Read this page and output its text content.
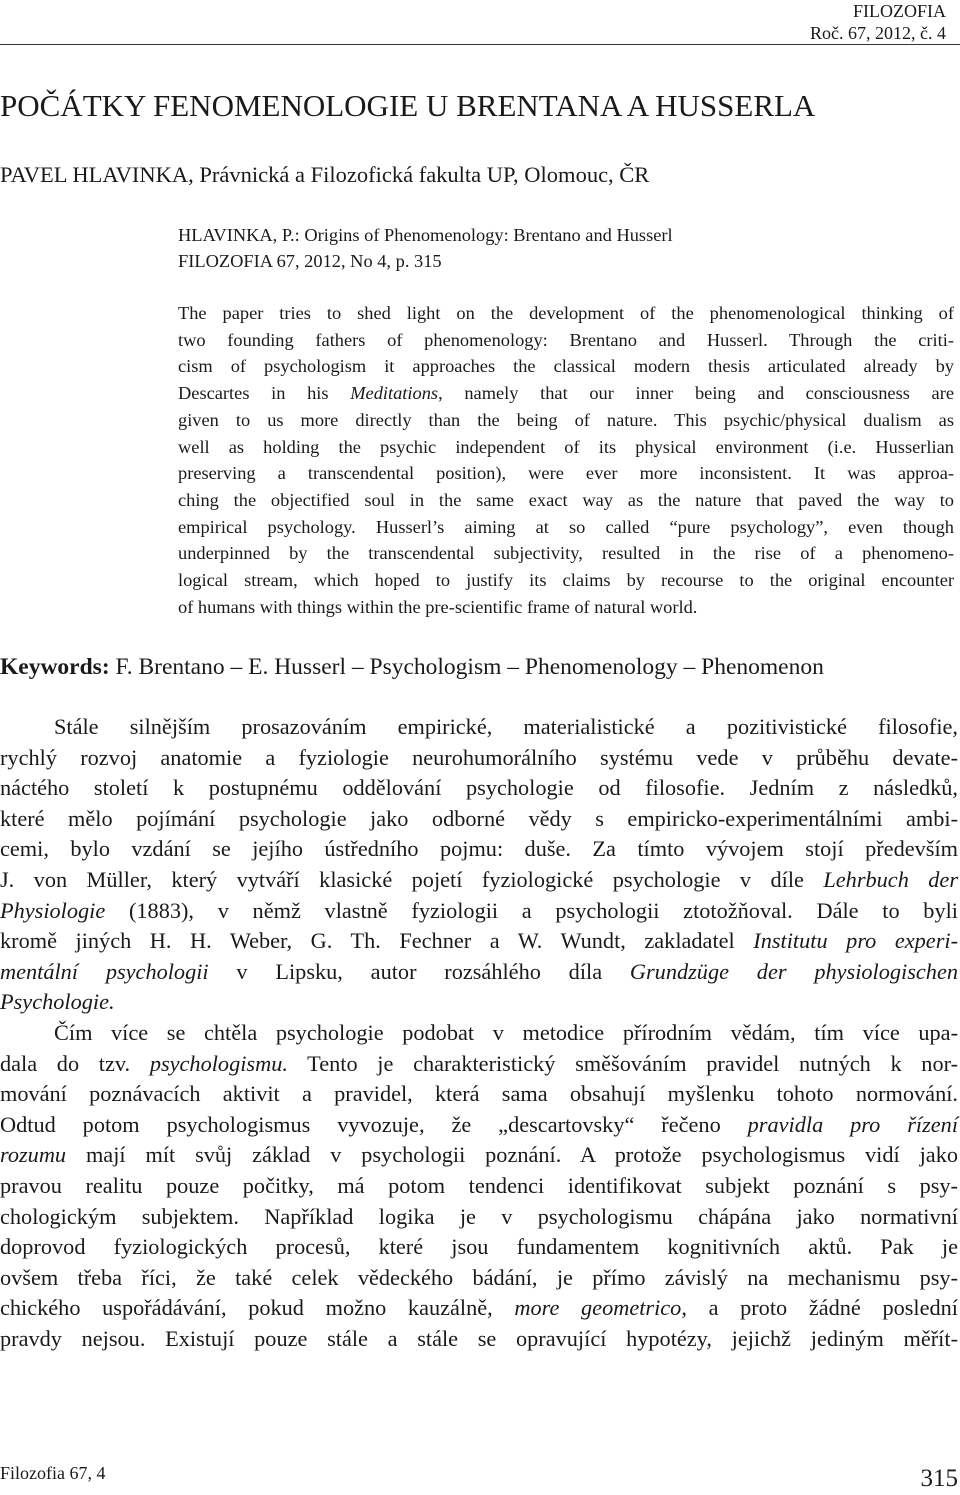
FILOZOFIA
Roč. 67, 2012, č. 4
POČÁTKY FENOMENOLOGIE U BRENTANA A HUSSERLA

PAVEL HLAVINKA, Právnická a Filozofická fakulta UP, Olomouc, ČR

HLAVINKA, P.: Origins of Phenomenology: Brentano and Husserl
FILOZOFIA 67, 2012, No 4, p. 315
The paper tries to shed light on the development of the phenomenological thinking of
two founding fathers of phenomenology: Brentano and Husserl. Through the criti-
cism of psychologism it approaches the classical modern thesis articulated already by
Descartes in his Meditations, namely that our inner being and consciousness are
given to us more directly than the being of nature. This psychic/physical dualism as
well as holding the psychic independent of its physical environment (i.e. Husserlian
preserving a transcendental position), were ever more inconsistent. It was approa-
ching the objectified soul in the same exact way as the nature that paved the way to
empirical psychology. Husserl’s aiming at so called “pure psychology”, even though
underpinned by the transcendental subjectivity, resulted in the rise of a phenomeno-
logical stream, which hoped to justify its claims by recourse to the original encounter
of humans with things within the pre-scientific frame of natural world.

Keywords: F. Brentano – E. Husserl – Psychologism – Phenomenology – Phenomenon

Stále silnějším prosazováním empirické, materialistické a pozitivistické filosofie,
rychlý rozvoj anatomie a fyziologie neurohumorálního systému vede v průběhu devate-
náctého století k postupnému oddělování psychologie od filosofie. Jedním z následků,
které mělo pojímání psychologie jako odborné vědy s empiricko-experimentálními ambi-
cemi, bylo vzdání se jejího ústředního pojmu: duše. Za tímto vývojem stojí především
J. von Müller, který vytváří klasické pojetí fyziologické psychologie v díle Lehrbuch der
Physiologie (1883), v němž vlastně fyziologii a psychologii ztotožňoval. Dále to byli
kromě jiných H. H. Weber, G. Th. Fechner a W. Wundt, zakladatel Institutu pro experi-
mentální psychologii v Lipsku, autor rozsáhlého díla Grundzüge der physiologischen
Psychologie.
Čím více se chtěla psychologie podobat v metodice přírodním vědám, tím více upa-
dala do tzv. psychologismu. Tento je charakteristický směšováním pravidel nutných k nor-
mování poznávacích aktivit a pravidel, která sama obsahují myšlenku tohoto normování.
Odtud potom psychologismus vyvozuje, že „descartovsky“ řečeno pravidla pro řízení
rozumu mají mít svůj základ v psychologii poznání. A protože psychologismus vidí jako
pravou realitu pouze počitky, má potom tendenci identifikovat subjekt poznání s psy-
chologickým subjektem. Například logika je v psychologismu chápána jako normativní
doprovod fyziologických procesů, které jsou fundamentem kognitivních aktů. Pak je
ovšem třeba říci, že také celek vědeckého bádání, je přímo závislý na mechanismu psy-
chického uspořádávání, pokud možno kauzálně, more geometrico, a proto žádné poslední
pravdy nejsou. Existují pouze stále a stále se opravující hypotézy, jejichž jediným měřít-
Filozofia 67, 4	315
